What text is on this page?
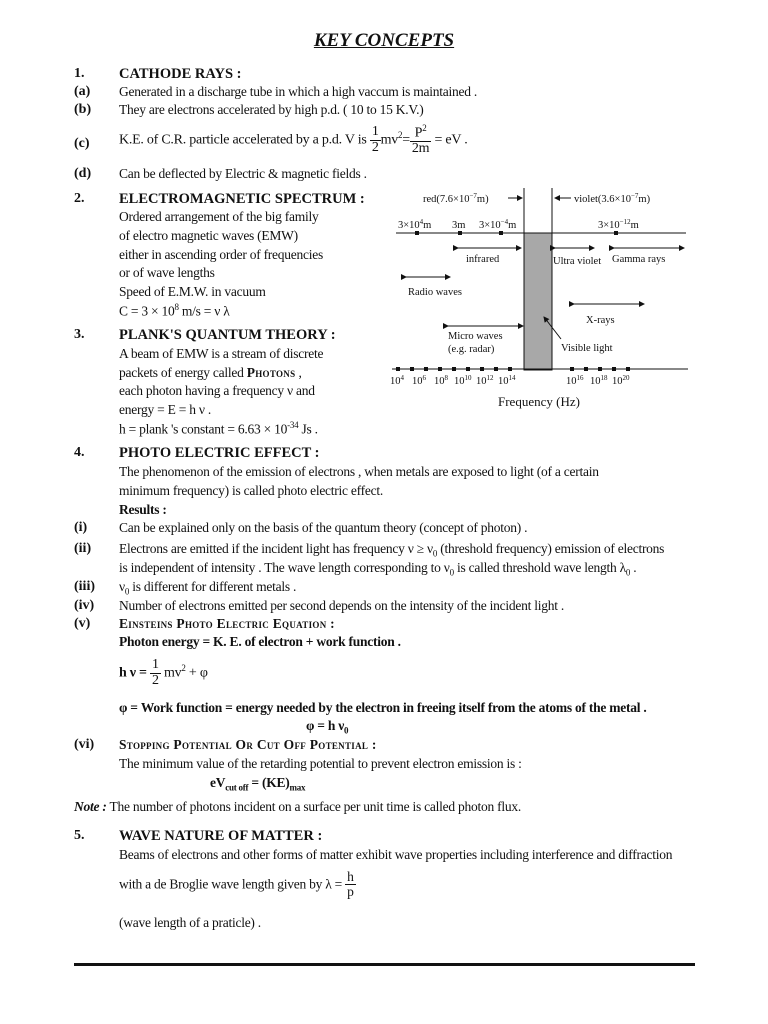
KEY CONCEPTS
1. CATHODE RAYS :
(a) Generated in a discharge tube in which a high vaccum is maintained .
(b) They are electrons accelerated by high p.d. ( 10 to 15 K.V.)
(c) K.E. of C.R. particle accelerated by a p.d. V is $\frac{1}{2} mv^2= \frac{P^2}{2m}$ = eV .
(d) Can be deflected by Electric & magnetic fields .
2. ELECTROMAGNETIC SPECTRUM :
Ordered arrangement of the big family
of electro magnetic waves (EMW)
either in ascending order of frequencies
or of wave lengths
Speed of E.M.W. in vacuum
$C = 3 \times 10^8$ m/s = ν λ
$red(7.6\times 10^{-7}m)$	$violet(3.6\times 10^{-7}m)$
$3\times 10^4m$ 3m $3\times 10^{-4}m$	$3\times 10^{-12}m$
infrared	Ultra violet Gamma rays
Radio waves
X-rays
Micro waves
(e.g. radar)	Visible light
$10^4$ $10^6$ $10^8$ $10^{10}$ $10^{12}$ $10^{14}$	$10^{16}$ $10^{18}$ $10^{20}$
Frequency (Hz)
3. PLANK'S QUANTUM THEORY :
A beam of EMW is a stream of discrete
packets of energy called Photons ,
each photon having a frequency ν and
energy = E = h ν .
h = plank 's constant = $6.63 \times 10^{-34}$ Js .
4. PHOTO ELECTRIC EFFECT :
The phenomenon of the emission of electrons , when metals are exposed to light (of a certain
minimum frequency) is called photo electric effect.
Results :
(i) Can be explained only on the basis of the quantum theory (concept of photon) .
(ii) Electrons are emitted if the incident light has frequency $\nu \ge \nu_0$ (threshold frequency) emission of electrons
is independent of intensity . The wave length corresponding to $\nu_0$ is called threshold wave length $\lambda_0$ .
(iii) $\nu_0$ is different for different metals .
(iv) Number of electrons emitted per second depends on the intensity of the incident light .
(v) Einsteins Photo Electric Equation :
Photon energy = K. E. of electron + work function .
h $\nu = \frac{1}{2} mv^2 + \varphi$
φ = Work function = energy needed by the electron in freeing itself from the atoms of the metal .
φ = h $\nu_0$
(vi) Stopping Potential Or Cut Off Potential :
The minimum value of the retarding potential to prevent electron emission is :
$eV_{cut off} = (KE)_{max}$
Note : The number of photons incident on a surface per unit time is called photon flux.
5. WAVE NATURE OF MATTER :
Beams of electrons and other forms of matter exhibit wave properties including interference and diffraction
with a de Broglie wave length given by $\lambda = \frac{h}{p}$
(wave length of a praticle) .
